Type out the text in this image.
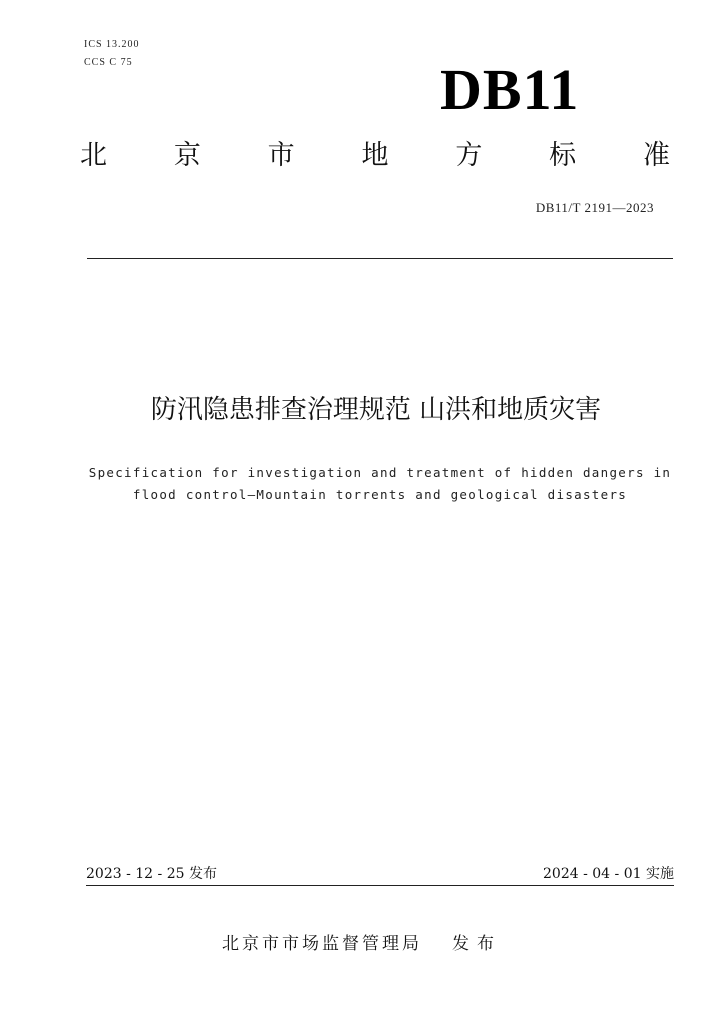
ICS 13.200
CCS C 75	DB11
北 京 市 地 方 标 准
DB11/T 2191—2023
防汛隐患排查治理规范 山洪和地质灾害
Specification for investigation and treatment of hidden dangers in
flood control—Mountain torrents and geological disasters
2023 - 12 - 25 发布	2024 - 04 - 01 实施
北京市市场监督管理局 发布
